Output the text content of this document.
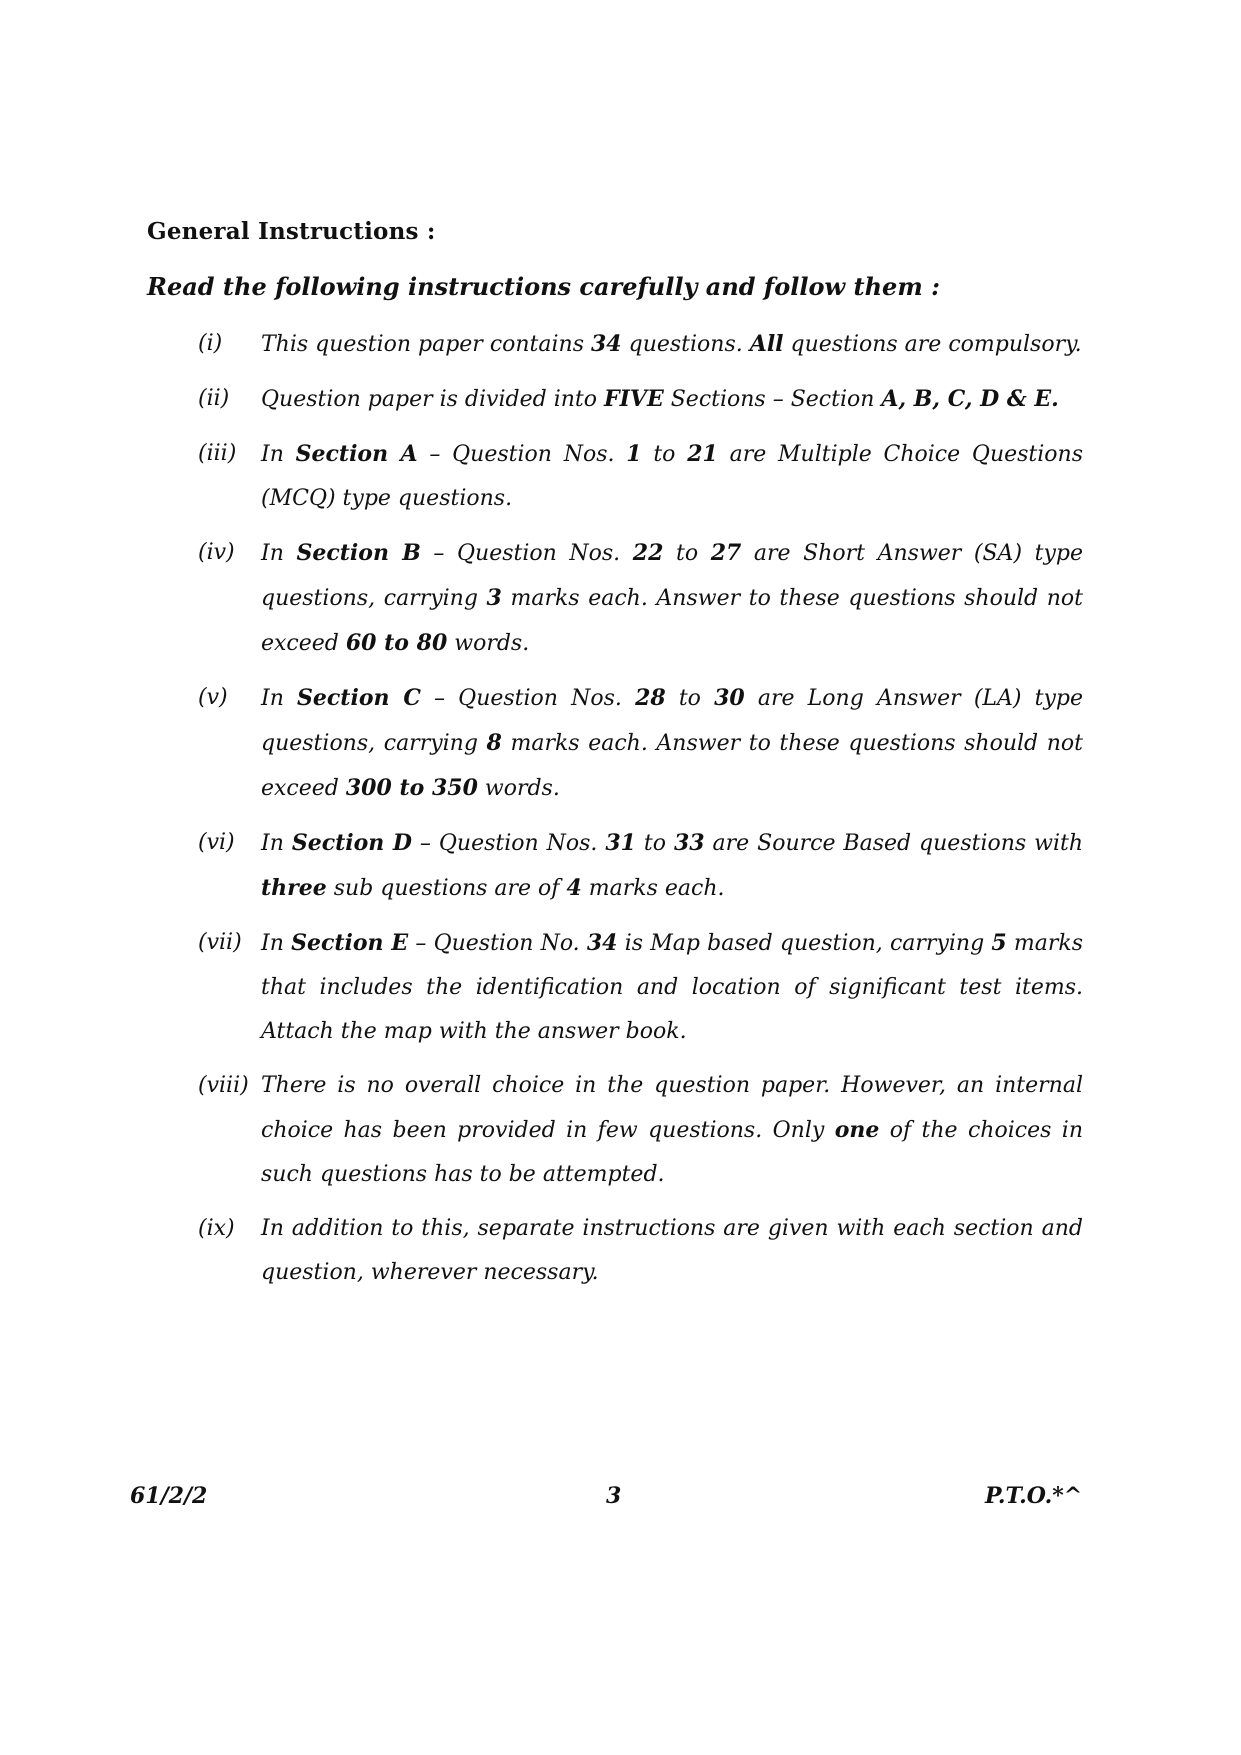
General Instructions :
Read the following instructions carefully and follow them :
(i)	This question paper contains 34 questions. All questions are compulsory.
(ii)	Question paper is divided into FIVE Sections – Section A, B, C, D & E.
(iii)	In Section A – Question Nos. 1 to 21 are Multiple Choice Questions (MCQ) type questions.
(iv)	In Section B – Question Nos. 22 to 27 are Short Answer (SA) type questions, carrying 3 marks each. Answer to these questions should not exceed 60 to 80 words.
(v)	In Section C – Question Nos. 28 to 30 are Long Answer (LA) type questions, carrying 8 marks each. Answer to these questions should not exceed 300 to 350 words.
(vi)	In Section D – Question Nos. 31 to 33 are Source Based questions with three sub questions are of 4 marks each.
(vii) In Section E – Question No. 34 is Map based question, carrying 5 marks that includes the identification and location of significant test items. Attach the map with the answer book.
(viii) There is no overall choice in the question paper. However, an internal choice has been provided in few questions. Only one of the choices in such questions has to be attempted.
(ix)	In addition to this, separate instructions are given with each section and question, wherever necessary.
61/2/2	3	P.T.O.*^
